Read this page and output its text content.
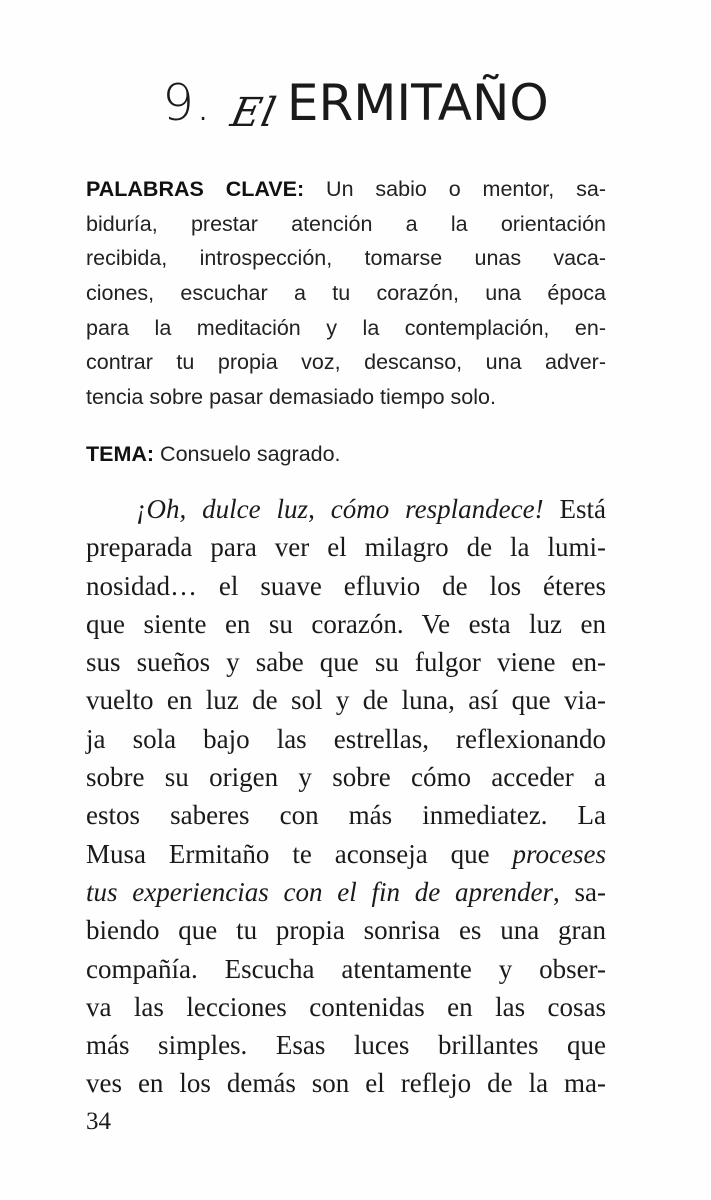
9. El ERMITAÑO
PALABRAS CLAVE: Un sabio o mentor, sa-
biduría, prestar atención a la orientación
recibida, introspección, tomarse unas vaca-
ciones, escuchar a tu corazón, una época
para la meditación y la contemplación, en-
contrar tu propia voz, descanso, una adver-
tencia sobre pasar demasiado tiempo solo.
TEMA: Consuelo sagrado.
¡Oh, dulce luz, cómo resplandece! Está
preparada para ver el milagro de la lumi-
nosidad… el suave efluvio de los éteres
que siente en su corazón. Ve esta luz en
sus sueños y sabe que su fulgor viene en-
vuelto en luz de sol y de luna, así que via-
ja sola bajo las estrellas, reflexionando
sobre su origen y sobre cómo acceder a
estos saberes con más inmediatez. La
Musa Ermitaño te aconseja que proceses
tus experiencias con el fin de aprender, sa-
biendo que tu propia sonrisa es una gran
compañía. Escucha atentamente y obser-
va las lecciones contenidas en las cosas
más simples. Esas luces brillantes que
ves en los demás son el reflejo de la ma-
34
